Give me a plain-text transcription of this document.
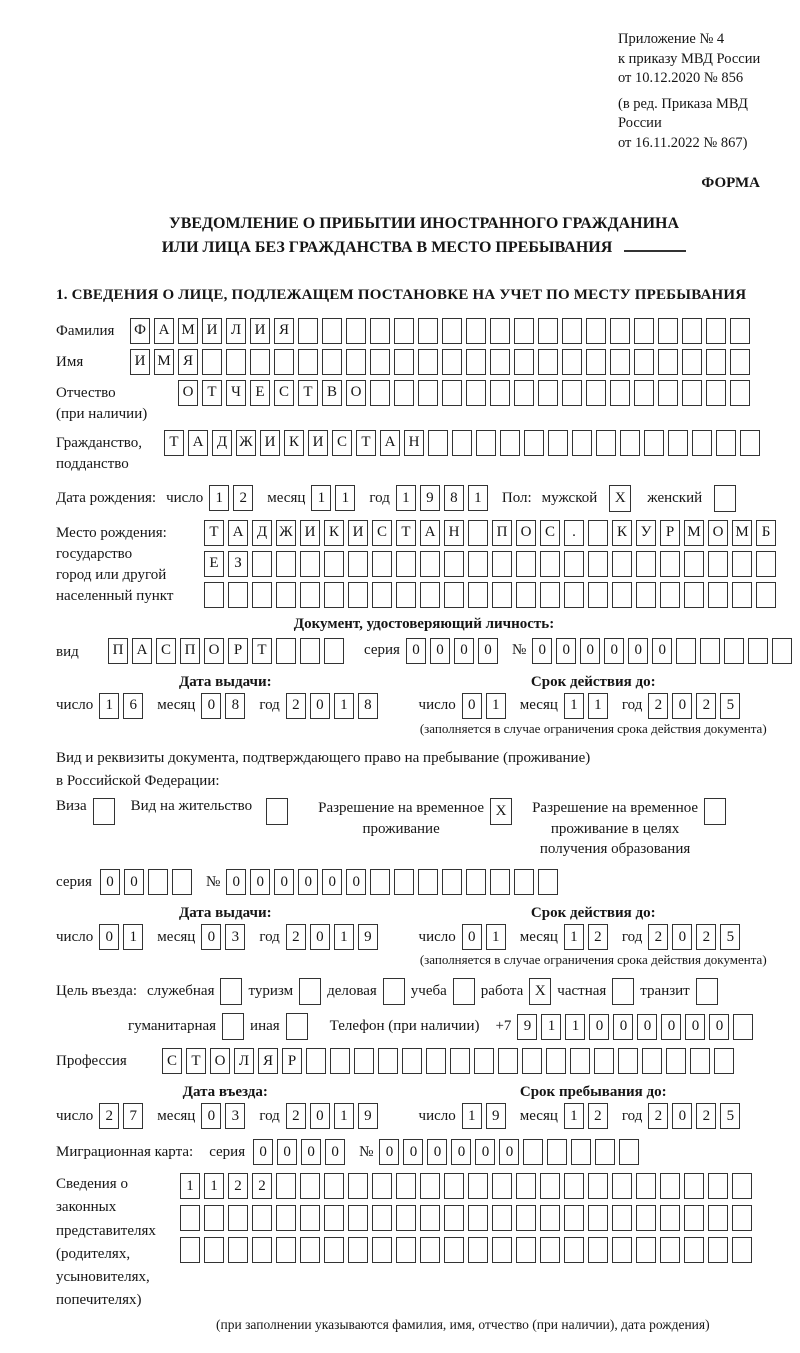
Приложение № 4
к приказу МВД России
от 10.12.2020 № 856
(в ред. Приказа МВД России
от 16.11.2022 № 867)
ФОРМА
УВЕДОМЛЕНИЕ О ПРИБЫТИИ ИНОСТРАННОГО ГРАЖДАНИНА
ИЛИ ЛИЦА БЕЗ ГРАЖДАНСТВА В МЕСТО ПРЕБЫВАНИЯ
1. СВЕДЕНИЯ О ЛИЦЕ, ПОДЛЕЖАЩЕМ ПОСТАНОВКЕ НА УЧЕТ ПО МЕСТУ ПРЕБЫВАНИЯ
Фамилия	Ф А М И Л И Я
Имя	И М Я
Отчество
(при наличии)
О Т Ч Е С Т В О
Гражданство,
подданство
Т А Д Ж И К И С Т А Н
Дата рождения: число 1	2	месяц 1	1	год 1	9	8	1	Пол: мужской	X	женский
Место рождения:
государство
город или другой
населенный пункт
Т А Д Ж И К И С Т А Н	П О С	.	К У Р М О М Б
Е	З
Документ, удостоверяющий личность:
вид	П А С П О Р	Т	серия 0	0	0	0	№ 0	0	0	0	0	0
Дата выдачи:
число 1	6	месяц 0	8	год 2	0	1	8
Срок действия до:
число 0	1	месяц 1	1	год 2	0	2	5
(заполняется в случае ограничения срока действия документа)
Вид и реквизиты документа, подтверждающего право на пребывание (проживание)
в Российской Федерации:
Виза	Вид на жительство	Разрешение на временное
проживание
X	Разрешение на временное
проживание в целях
получения образования
серия 0	0	№ 0	0	0	0	0	0
Дата выдачи:
число 0	1	месяц 0	3	год 2	0	1	9
Срок действия до:
число 0	1	месяц 1	2	год 2	0	2	5
(заполняется в случае ограничения срока действия документа)
Цель въезда: служебная туризм деловая учеба работа X частная транзит
гуманитарная иная	Телефон (при наличии) +7 9	1	1	0	0	0	0	0	0
Профессия	С Т О Л Я Р
Дата въезда:
число 2	7	месяц 0	3	год 2	0	1	9
Срок пребывания до:
число 1	9	месяц 1	2	год 2	0	2	5
Миграционная карта: серия 0	0	0	0	№ 0	0	0	0	0	0
Сведения о
законных
представителях
(родителях,
усыновителях,
попечителях)
1	1	2	2
(при заполнении указываются фамилия, имя, отчество (при наличии), дата рождения)
